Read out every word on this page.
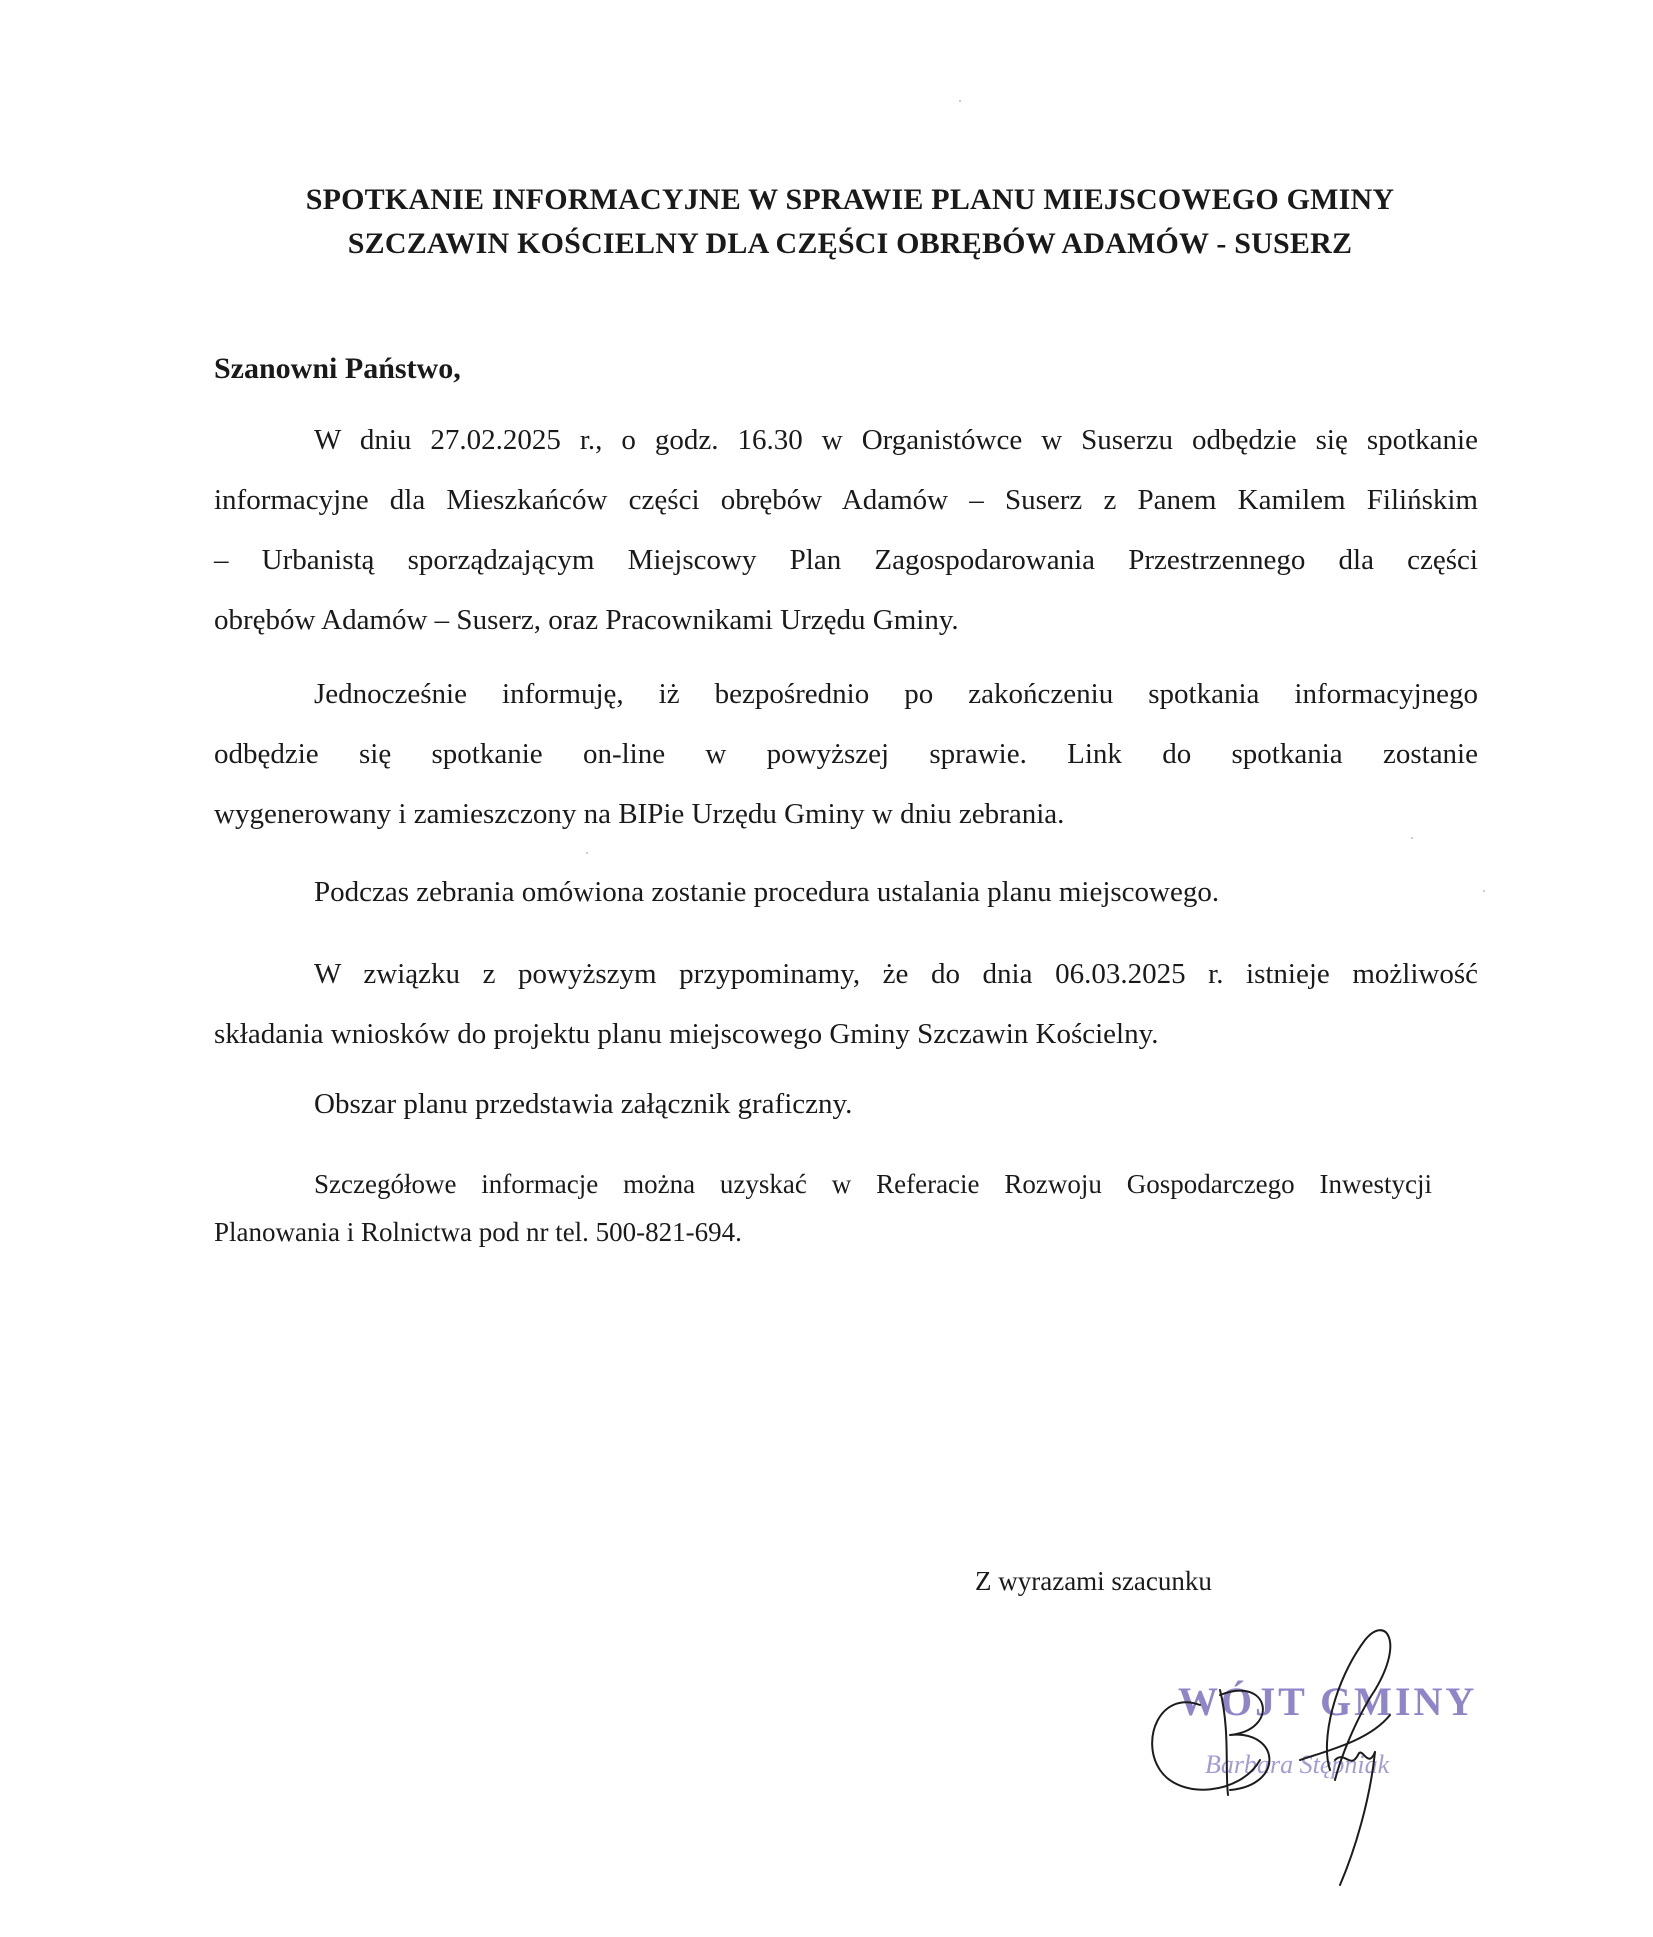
SPOTKANIE INFORMACYJNE W SPRAWIE PLANU MIEJSCOWEGO GMINY
SZCZAWIN KOŚCIELNY DLA CZĘŚCI OBRĘBÓW ADAMÓW - SUSERZ
Szanowni Państwo,
W dniu 27.02.2025 r., o godz. 16.30 w Organistówce w Suserzu odbędzie się spotkanie
informacyjne dla Mieszkańców części obrębów Adamów – Suserz z Panem Kamilem Filińskim
– Urbanistą sporządzającym Miejscowy Plan Zagospodarowania Przestrzennego dla części
obrębów Adamów – Suserz, oraz Pracownikami Urzędu Gminy.
Jednocześnie informuję, iż bezpośrednio po zakończeniu spotkania informacyjnego
odbędzie się spotkanie on-line w powyższej sprawie. Link do spotkania zostanie
wygenerowany i zamieszczony na BIPie Urzędu Gminy w dniu zebrania.
Podczas zebrania omówiona zostanie procedura ustalania planu miejscowego.
W związku z powyższym przypominamy, że do dnia 06.03.2025 r. istnieje możliwość
składania wniosków do projektu planu miejscowego Gminy Szczawin Kościelny.
Obszar planu przedstawia załącznik graficzny.
Szczegółowe informacje można uzyskać w Referacie Rozwoju Gospodarczego Inwestycji
Planowania i Rolnictwa pod nr tel. 500-821-694.
Z wyrazami szacunku
WÓJT GMINY
Barbara Stępniak
